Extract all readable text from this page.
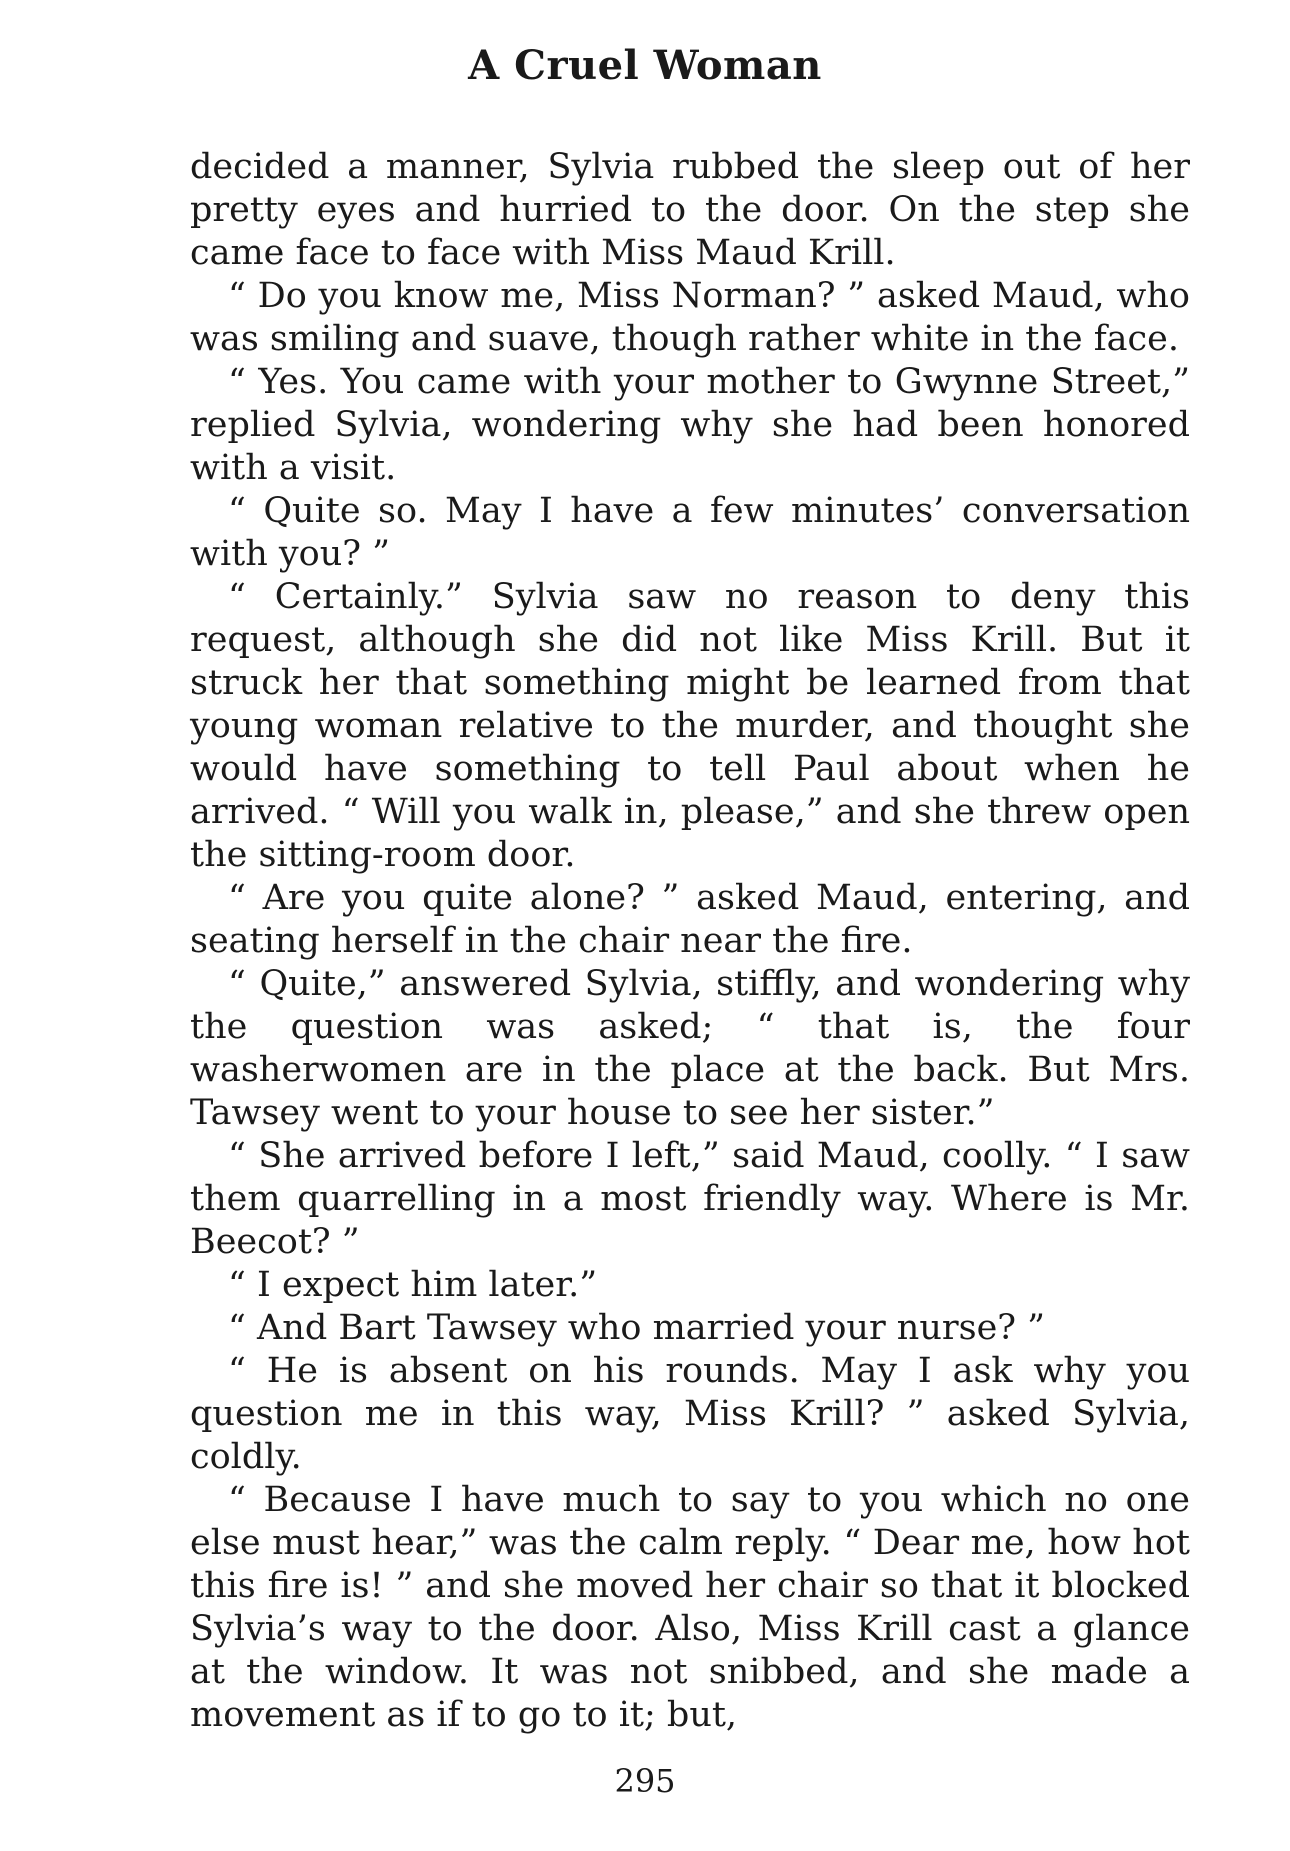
A Cruel Woman

decided a manner, Sylvia rubbed the sleep out of her pretty eyes and hurried to the door. On the step she came face to face with Miss Maud Krill.

“ Do you know me, Miss Norman? ” asked Maud, who was smiling and suave, though rather white in the face.

“ Yes. You came with your mother to Gwynne Street,” replied Sylvia, wondering why she had been honored with a visit.

“ Quite so. May I have a few minutes’ conversation with you? ”

“ Certainly.” Sylvia saw no reason to deny this request, although she did not like Miss Krill. But it struck her that something might be learned from that young woman relative to the murder, and thought she would have something to tell Paul about when he arrived. “ Will you walk in, please,” and she threw open the sitting-room door.

“ Are you quite alone? ” asked Maud, entering, and seating herself in the chair near the fire.

“ Quite,” answered Sylvia, stiffly, and wondering why the question was asked; “ that is, the four washerwomen are in the place at the back. But Mrs. Tawsey went to your house to see her sister.”

“ She arrived before I left,” said Maud, coolly. “ I saw them quarrelling in a most friendly way. Where is Mr. Beecot? ”

“ I expect him later.”

“ And Bart Tawsey who married your nurse? ”

“ He is absent on his rounds. May I ask why you question me in this way, Miss Krill? ” asked Sylvia, coldly.

“ Because I have much to say to you which no one else must hear,” was the calm reply. “ Dear me, how hot this fire is! ” and she moved her chair so that it blocked Sylvia’s way to the door. Also, Miss Krill cast a glance at the window. It was not snibbed, and she made a movement as if to go to it; but,

295
